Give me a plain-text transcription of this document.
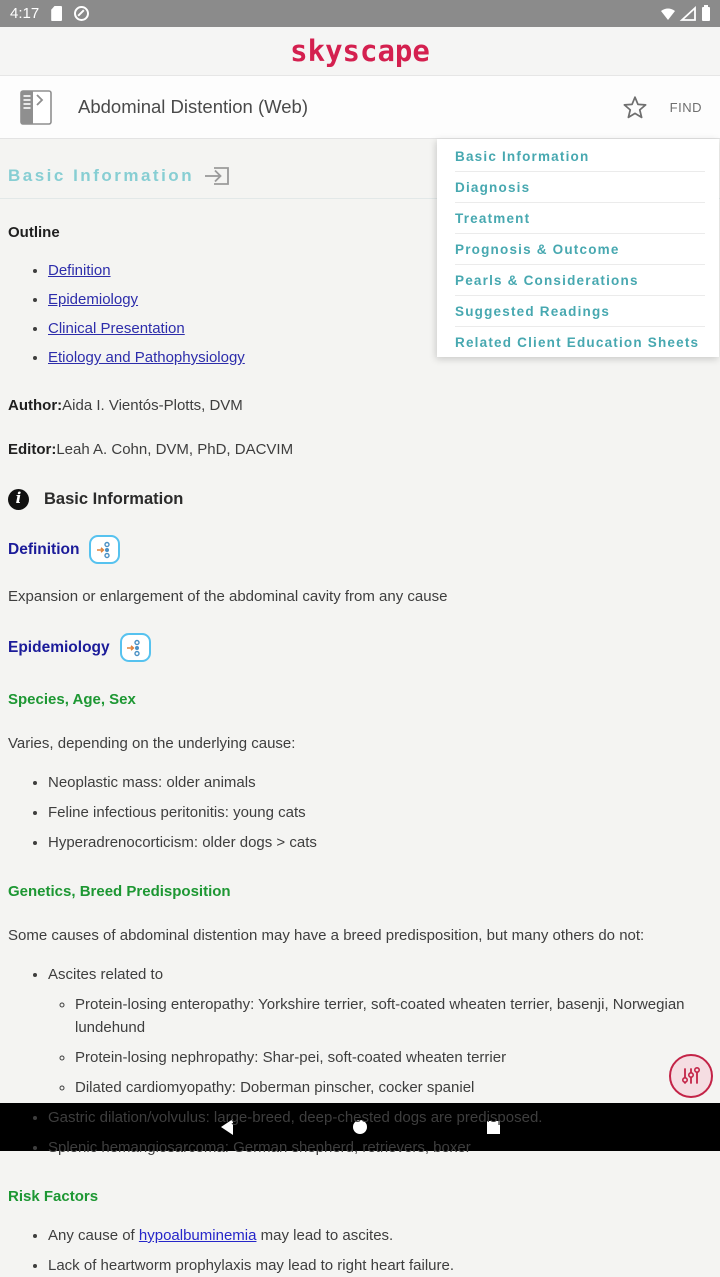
4:17
skyscape
Abdominal Distention (Web)	FIND
Basic Information
Diagnosis
Treatment
Prognosis & Outcome
Pearls & Considerations
Suggested Readings
Related Client Education Sheets
Basic Information
Outline
• Definition
• Epidemiology
• Clinical Presentation
• Etiology and Pathophysiology

Author:Aida I. Vientós-Plotts, DVM

Editor:Leah A. Cohn, DVM, PhD, DACVIM

i	Basic Information
Definition

Expansion or enlargement of the abdominal cavity from any cause

Epidemiology
Species, Age, Sex

Varies, depending on the underlying cause:

• Neoplastic mass: older animals
• Feline infectious peritonitis: young cats
• Hyperadrenocorticism: older dogs > cats
Genetics, Breed Predisposition

Some causes of abdominal distention may have a breed predisposition, but many others do not:

• Ascites related to
◦ Protein-losing enteropathy: Yorkshire terrier, soft-coated wheaten terrier, basenji, Norwegian lundehund
◦ Protein-losing nephropathy: Shar-pei, soft-coated wheaten terrier
◦ Dilated cardiomyopathy: Doberman pinscher, cocker spaniel
• Gastric dilation/volvulus: large-breed, deep-chested dogs are predisposed.
• Splenic hemangiosarcoma: German shepherd, retrievers, boxer
Risk Factors
• Any cause of hypoalbuminemia may lead to ascites.
• Lack of heartworm prophylaxis may lead to right heart failure.
